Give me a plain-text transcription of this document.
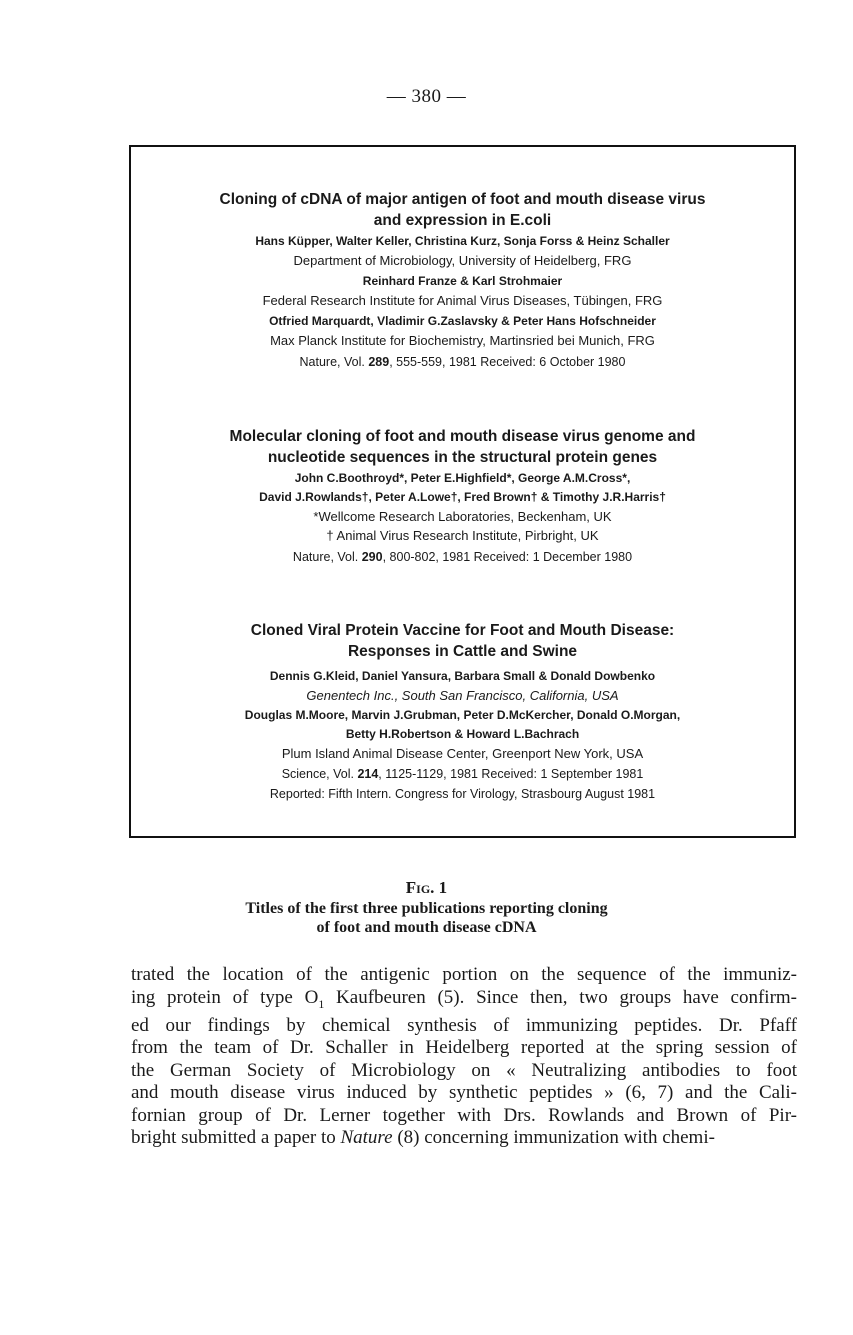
— 380 —
Cloning of cDNA of major antigen of foot and mouth disease virus
and expression in E.coli
Hans Küpper, Walter Keller, Christina Kurz, Sonja Forss & Heinz Schaller
Department of Microbiology, University of Heidelberg, FRG
Reinhard Franze & Karl Strohmaier
Federal Research Institute for Animal Virus Diseases, Tübingen, FRG
Otfried Marquardt, Vladimir G.Zaslavsky & Peter Hans Hofschneider
Max Planck Institute for Biochemistry, Martinsried bei Munich, FRG
Nature, Vol. 289, 555-559, 1981 Received: 6 October 1980
Molecular cloning of foot and mouth disease virus genome and
nucleotide sequences in the structural protein genes
John C.Boothroyd*, Peter E.Highfield*, George A.M.Cross*,
David J.Rowlands†, Peter A.Lowe†, Fred Brown† & Timothy J.R.Harris†
*Wellcome Research Laboratories, Beckenham, UK
† Animal Virus Research Institute, Pirbright, UK
Nature, Vol. 290, 800-802, 1981 Received: 1 December 1980
Cloned Viral Protein Vaccine for Foot and Mouth Disease:
Responses in Cattle and Swine
Dennis G.Kleid, Daniel Yansura, Barbara Small & Donald Dowbenko
Genentech Inc., South San Francisco, California, USA
Douglas M.Moore, Marvin J.Grubman, Peter D.McKercher, Donald O.Morgan,
Betty H.Robertson & Howard L.Bachrach
Plum Island Animal Disease Center, Greenport New York, USA
Science, Vol. 214, 1125-1129, 1981 Received: 1 September 1981
Reported: Fifth Intern. Congress for Virology, Strasbourg August 1981
Fig. 1
Titles of the first three publications reporting cloning
of foot and mouth disease cDNA
trated the location of the antigenic portion on the sequence of the immuniz-
ing protein of type $O_1$ Kaufbeuren (5). Since then, two groups have confirm-
ed our findings by chemical synthesis of immunizing peptides. Dr. Pfaff
from the team of Dr. Schaller in Heidelberg reported at the spring session of
the German Society of Microbiology on « Neutralizing antibodies to foot
and mouth disease virus induced by synthetic peptides » (6, 7) and the Cali-
fornian group of Dr. Lerner together with Drs. Rowlands and Brown of Pir-
bright submitted a paper to Nature (8) concerning immunization with chemi-
